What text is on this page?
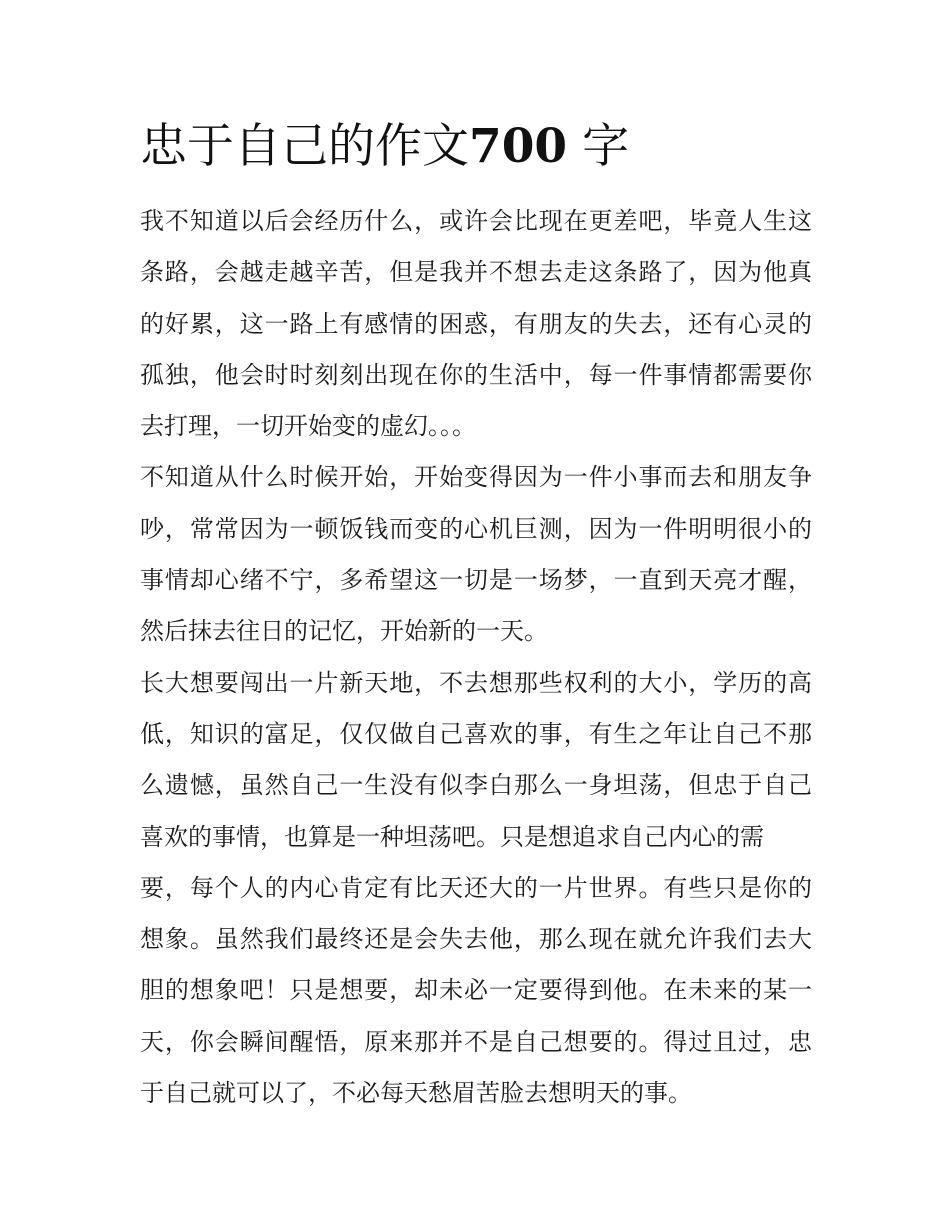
忠于自己的作文700 字
我不知道以后会经历什么，或许会比现在更差吧，毕竟人生这
条路，会越走越辛苦，但是我并不想去走这条路了，因为他真
的好累，这一路上有感情的困惑，有朋友的失去，还有心灵的
孤独，他会时时刻刻出现在你的生活中，每一件事情都需要你
去打理，一切开始变的虚幻。。。
不知道从什么时候开始，开始变得因为一件小事而去和朋友争
吵，常常因为一顿饭钱而变的心机巨测，因为一件明明很小的
事情却心绪不宁，多希望这一切是一场梦，一直到天亮才醒，
然后抹去往日的记忆，开始新的一天。
长大想要闯出一片新天地，不去想那些权利的大小，学历的高
低，知识的富足，仅仅做自己喜欢的事，有生之年让自己不那
么遗憾，虽然自己一生没有似李白那么一身坦荡，但忠于自己
喜欢的事情，也算是一种坦荡吧。只是想追求自己内心的需
要，每个人的内心肯定有比天还大的一片世界。有些只是你的
想象。虽然我们最终还是会失去他，那么现在就允许我们去大
胆的想象吧！只是想要，却未必一定要得到他。在未来的某一
天，你会瞬间醒悟，原来那并不是自己想要的。得过且过，忠
于自己就可以了，不必每天愁眉苦脸去想明天的事。
